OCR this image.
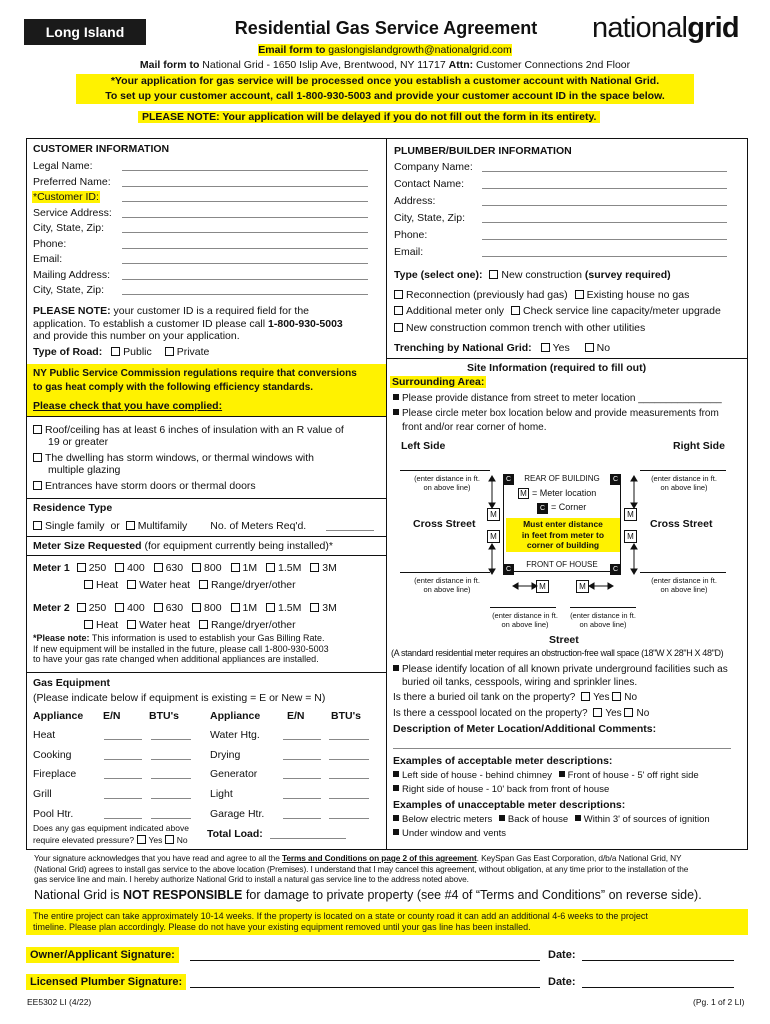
Long Island	Residential Gas Service Agreement	nationalgrid
Email form to gaslongislandgrowth@nationalgrid.com
Mail form to National Grid - 1650 Islip Ave, Brentwood, NY 11717 Attn: Customer Connections 2nd Floor
*Your application for gas service will be processed once you establish a customer account with National Grid.
To set up your customer account, call 1-800-930-5003 and provide your customer account ID in the space below.
PLEASE NOTE: Your application will be delayed if you do not fill out the form in its entirety.
CUSTOMER INFORMATION
Legal Name:
Preferred Name:
*Customer ID:
Service Address:
City, State, Zip:
Phone:
Email:
Mailing Address:
City, State, Zip:
PLEASE NOTE: your customer ID is a required field for the
application. To establish a customer ID please call 1-800-930-5003
and provide this number on your application.
Type of Road: Public Private
NY Public Service Commission regulations require that conversions
to gas heat comply with the following efficiency standards.
Please check that you have complied:
Roof/ceiling has at least 6 inches of insulation with an R value of
19 or greater
The dwelling has storm windows, or thermal windows with
multiple glazing
Entrances have storm doors or thermal doors
Residence Type
Single family or Multifamily No. of Meters Req'd.
Meter Size Requested (for equipment currently being installed)*
Meter 1 250 400 630 800 1M 1.5M 3M
Heat Water heat Range/dryer/other
Meter 2 250 400 630 800 1M 1.5M 3M
Heat Water heat Range/dryer/other
*Please note: This information is used to establish your Gas Billing Rate.
If new equipment will be installed in the future, please call 1-800-930-5003
to have your gas rate changed when additional appliances are installed.
Gas Equipment
(Please indicate below if equipment is existing = E or New = N)
Appliance E/N	BTU's	Appliance	E/N	BTU's
Heat	Water Htg.
Cooking	Drying
Fireplace	Generator
Grill	Light
Pool Htr.	Garage Htr.
Does any gas equipment indicated above
require elevated pressure? Yes No Total Load:
PLUMBER/BUILDER INFORMATION
Company Name:
Contact Name:
Address:
City, State, Zip:
Phone:
Email:
Type (select one): New construction (survey required)
Reconnection (previously had gas) Existing house no gas
Additional meter only Check service line capacity/meter upgrade
New construction common trench with other utilities
Trenching by National Grid: Yes	No
Site Information (required to fill out)
Surrounding Area:
Please provide distance from street to meter location _______________
Please circle meter box location below and provide measurements from
front and/or rear corner of home.
Left Side	Right Side
(enter distance in ft.
on above line)
(enter distance in ft.
on above line)
REAR OF BUILDING
FRONT OF HOUSE
C	C
C	C
M = Meter location
C = Corner
Must enter distance
in feet from meter to
corner of building
M
M
M
M
M	M
Cross Street	Cross Street
(enter distance in ft.
on above line)
(enter distance in ft.
on above line)
(enter distance in ft.
on above line)
(enter distance in ft.
on above line)
Street
(A standard residential meter requires an obstruction-free wall space (18"W X 28"H X 48"D)
Please identify location of all known private underground facilities such as
buried oil tanks, cesspools, wiring and sprinkler lines.
Is there a buried oil tank on the property? Yes No
Is there a cesspool located on the property? Yes No
Description of Meter Location/Additional Comments:
Examples of acceptable meter descriptions:
Left side of house - behind chimney Front of house - 5' off right side
Right side of house - 10' back from front of house
Examples of unacceptable meter descriptions:
Below electric meters Back of house Within 3' of sources of ignition
Under window and vents
Your signature acknowledges that you have read and agree to all the Terms and Conditions on page 2 of this agreement. KeySpan Gas East Corporation, d/b/a National Grid, NY
(National Grid) agrees to install gas service to the above location (Premises). I understand that I may cancel this agreement, without obligation, at any time prior to the installation of the
gas service line and main. I hereby authorize National Grid to install a natural gas service line to the address noted above.
National Grid is NOT RESPONSIBLE for damage to private property (see #4 of “Terms and Conditions” on reverse side).
The entire project can take approximately 10-14 weeks. If the property is located on a state or county road it can add an additional 4-6 weeks to the project
timeline. Please plan accordingly. Please do not have your existing equipment removed until your gas line has been installed.
Owner/Applicant Signature:	Date:
Licensed Plumber Signature:	Date:
EE5302 LI (4/22)	(Pg. 1 of 2 LI)
